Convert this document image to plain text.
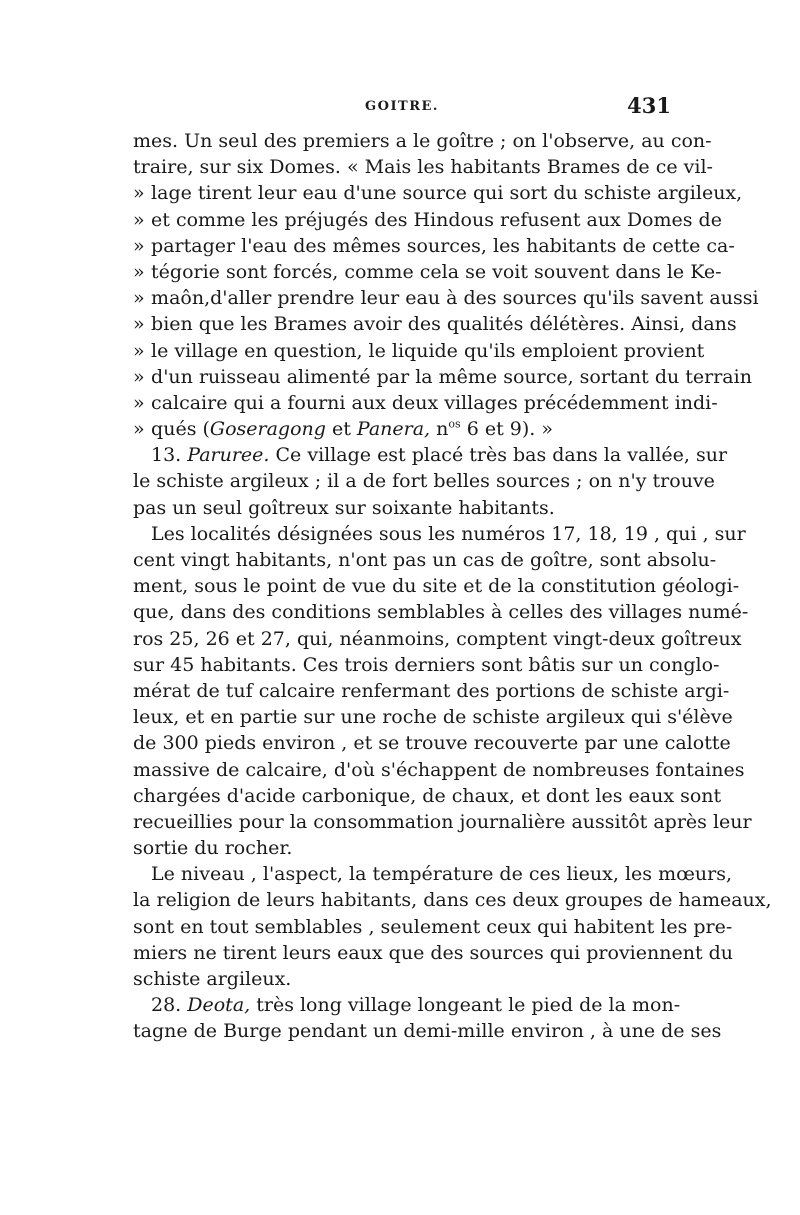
GOITRE.	431
mes. Un seul des premiers a le goître ; on l'observe, au con-
traire, sur six Domes. « Mais les habitants Brames de ce vil-
» lage tirent leur eau d'une source qui sort du schiste argileux,
» et comme les préjugés des Hindous refusent aux Domes de
» partager l'eau des mêmes sources, les habitants de cette ca-
» tégorie sont forcés, comme cela se voit souvent dans le Ke-
» maôn,d'aller prendre leur eau à des sources qu'ils savent aussi
» bien que les Brames avoir des qualités délétères. Ainsi, dans
» le village en question, le liquide qu'ils emploient provient
» d'un ruisseau alimenté par la même source, sortant du terrain
» calcaire qui a fourni aux deux villages précédemment indi-
» qués (Goseragong et Panera, $n^{os}$ 6 et 9). »
13. Paruree. Ce village est placé très bas dans la vallée, sur
le schiste argileux ; il a de fort belles sources ; on n'y trouve
pas un seul goîtreux sur soixante habitants.
Les localités désignées sous les numéros 17, 18, 19 , qui , sur
cent vingt habitants, n'ont pas un cas de goître, sont absolu-
ment, sous le point de vue du site et de la constitution géologi-
que, dans des conditions semblables à celles des villages numé-
ros 25, 26 et 27, qui, néanmoins, comptent vingt-deux goîtreux
sur 45 habitants. Ces trois derniers sont bâtis sur un conglo-
mérat de tuf calcaire renfermant des portions de schiste argi-
leux, et en partie sur une roche de schiste argileux qui s'élève
de 300 pieds environ , et se trouve recouverte par une calotte
massive de calcaire, d'où s'échappent de nombreuses fontaines
chargées d'acide carbonique, de chaux, et dont les eaux sont
recueillies pour la consommation journalière aussitôt après leur
sortie du rocher.
Le niveau , l'aspect, la température de ces lieux, les mœurs,
la religion de leurs habitants, dans ces deux groupes de hameaux,
sont en tout semblables , seulement ceux qui habitent les pre-
miers ne tirent leurs eaux que des sources qui proviennent du
schiste argileux.
28. Deota, très long village longeant le pied de la mon-
tagne de Burge pendant un demi-mille environ , à une de ses
